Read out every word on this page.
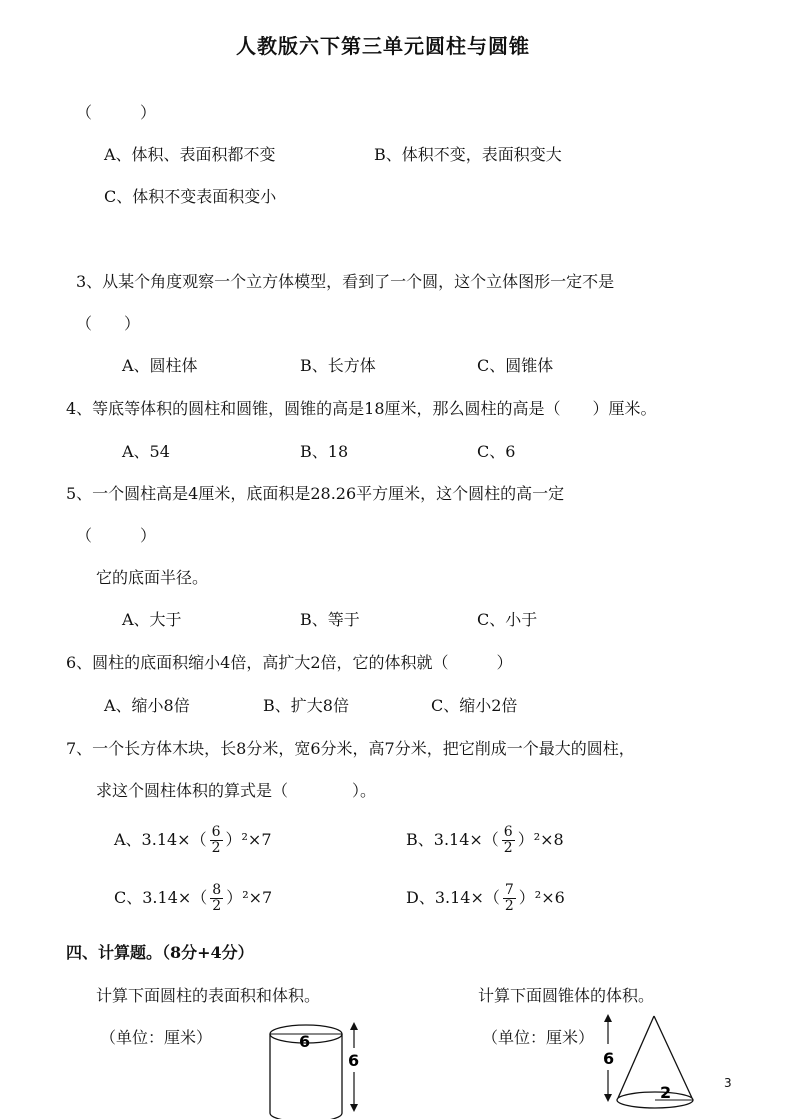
人教版六下第三单元圆柱与圆锥
（　　　）
A、体积、表面积都不变	B、体积不变，表面积变大
C、体积不变表面积变小
3、从某个角度观察一个立方体模型，看到了一个圆，这个立体图形一定不是
（　　）
A、圆柱体	B、长方体	C、圆锥体
4、等底等体积的圆柱和圆锥，圆锥的高是18厘米，那么圆柱的高是（　　）厘米。
A、54	B、18	C、6
5、一个圆柱高是4厘米，底面积是28.26平方厘米，这个圆柱的高一定
（　　　）
它的底面半径。
A、大于	B、等于	C、小于
6、圆柱的底面积缩小4倍，高扩大2倍，它的体积就（　　　）
A、缩小8倍	B、扩大8倍	C、缩小2倍
7、一个长方体木块，长8分米，宽6分米，高7分米，把它削成一个最大的圆柱，
求这个圆柱体积的算式是（　　　　）。
A、$3.14\times( \frac{6}{2} )^2\times 7$	B、$3.14\times( \frac{6}{2} )^2\times 8$
C、$3.14\times( \frac{8}{2} )^2\times 7$	D、$3.14\times( \frac{7}{2} )^2\times 6$
四、计算题。（8分+4分）
计算下面圆柱的表面积和体积。	计算下面圆锥体的体积。
（单位：厘米）	（单位：厘米）
6
6	6
2	3
